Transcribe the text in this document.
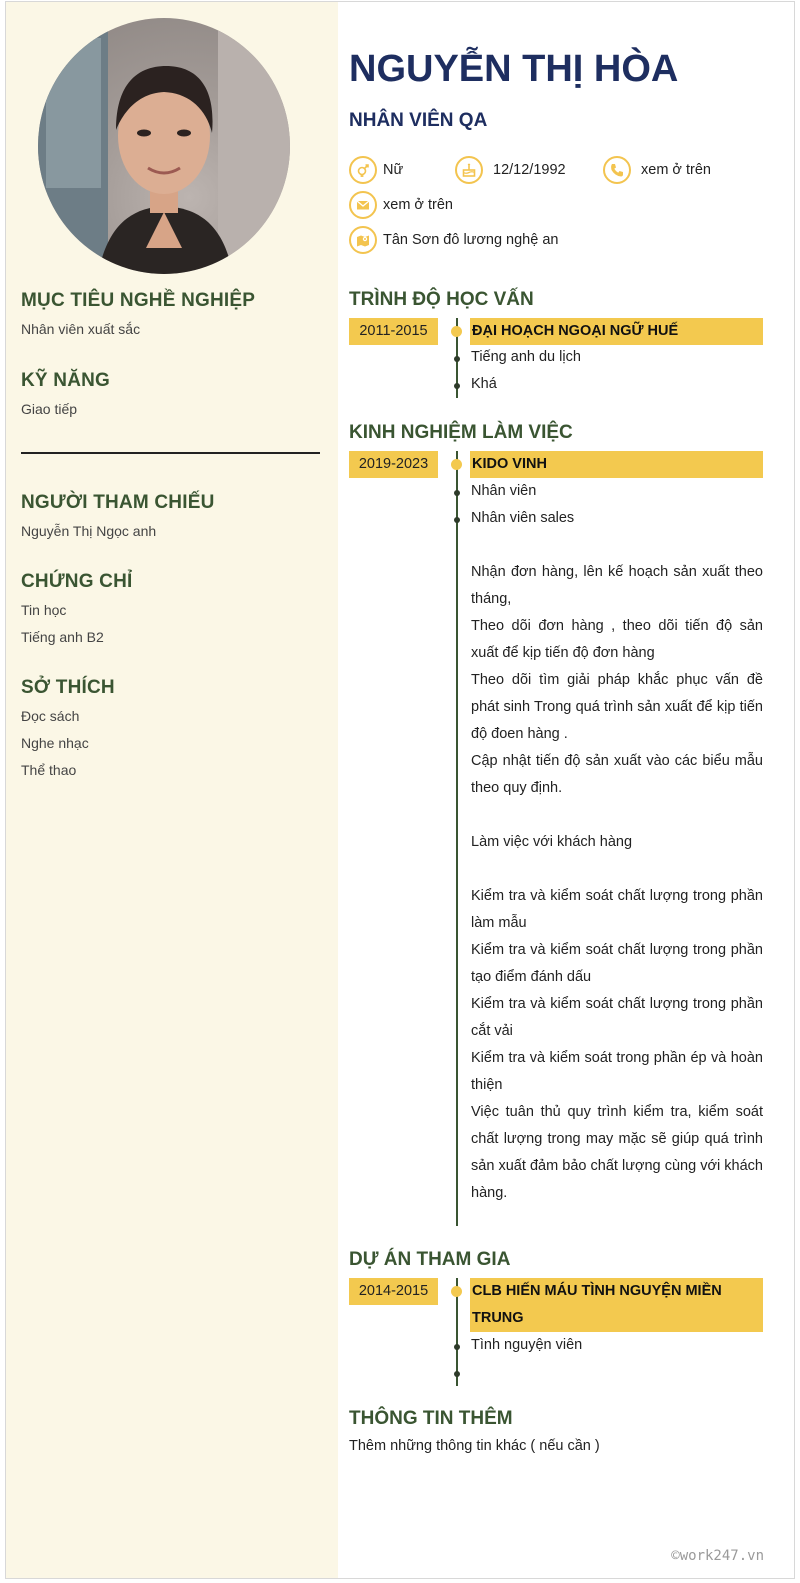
MỤC TIÊU NGHỀ NGHIỆP
Nhân viên xuất sắc
KỸ NĂNG
Giao tiếp
NGƯỜI THAM CHIẾU
Nguyễn Thị Ngọc anh
CHỨNG CHỈ
Tin học
Tiếng anh B2
SỞ THÍCH
Đọc sách
Nghe nhạc
Thể thao
NGUYỄN THỊ HÒA
NHÂN VIÊN QA
Nữ	12/12/1992	xem ở trên
xem ở trên
Tân Sơn đô lương nghệ an
TRÌNH ĐỘ HỌC VẤN
2011-2015	ĐẠI HOẠCH NGOẠI NGỮ HUẾ
Tiếng anh du lịch
Khá
KINH NGHIỆM LÀM VIỆC
2019-2023	KIDO VINH
Nhân viên
Nhân viên sales

Nhận đơn hàng, lên kế hoạch sản xuất theo tháng,

Theo dõi đơn hàng , theo dõi tiến độ sản xuất để kịp tiến độ đơn hàng

Theo dõi tìm giải pháp khắc phục vấn đề phát sinh Trong quá trình sản xuất để kịp tiến độ đoen hàng .

Cập nhật tiến độ sản xuất vào các biểu mẫu theo quy định.

Làm việc với khách hàng

Kiểm tra và kiểm soát chất lượng trong phần làm mẫu

Kiểm tra và kiểm soát chất lượng trong phần tạo điểm đánh dấu

Kiểm tra và kiểm soát chất lượng trong phần cắt vải

Kiểm tra và kiểm soát trong phần ép và hoàn thiện

Việc tuân thủ quy trình kiểm tra, kiểm soát chất lượng trong may mặc sẽ giúp quá trình sản xuất đảm bảo chất lượng cùng với khách hàng.

DỰ ÁN THAM GIA
2014-2015	CLB HIẾN MÁU TÌNH NGUYỆN MIỀN TRUNG
Tình nguyện viên
THÔNG TIN THÊM
Thêm những thông tin khác ( nếu cần )
©work247.vn
